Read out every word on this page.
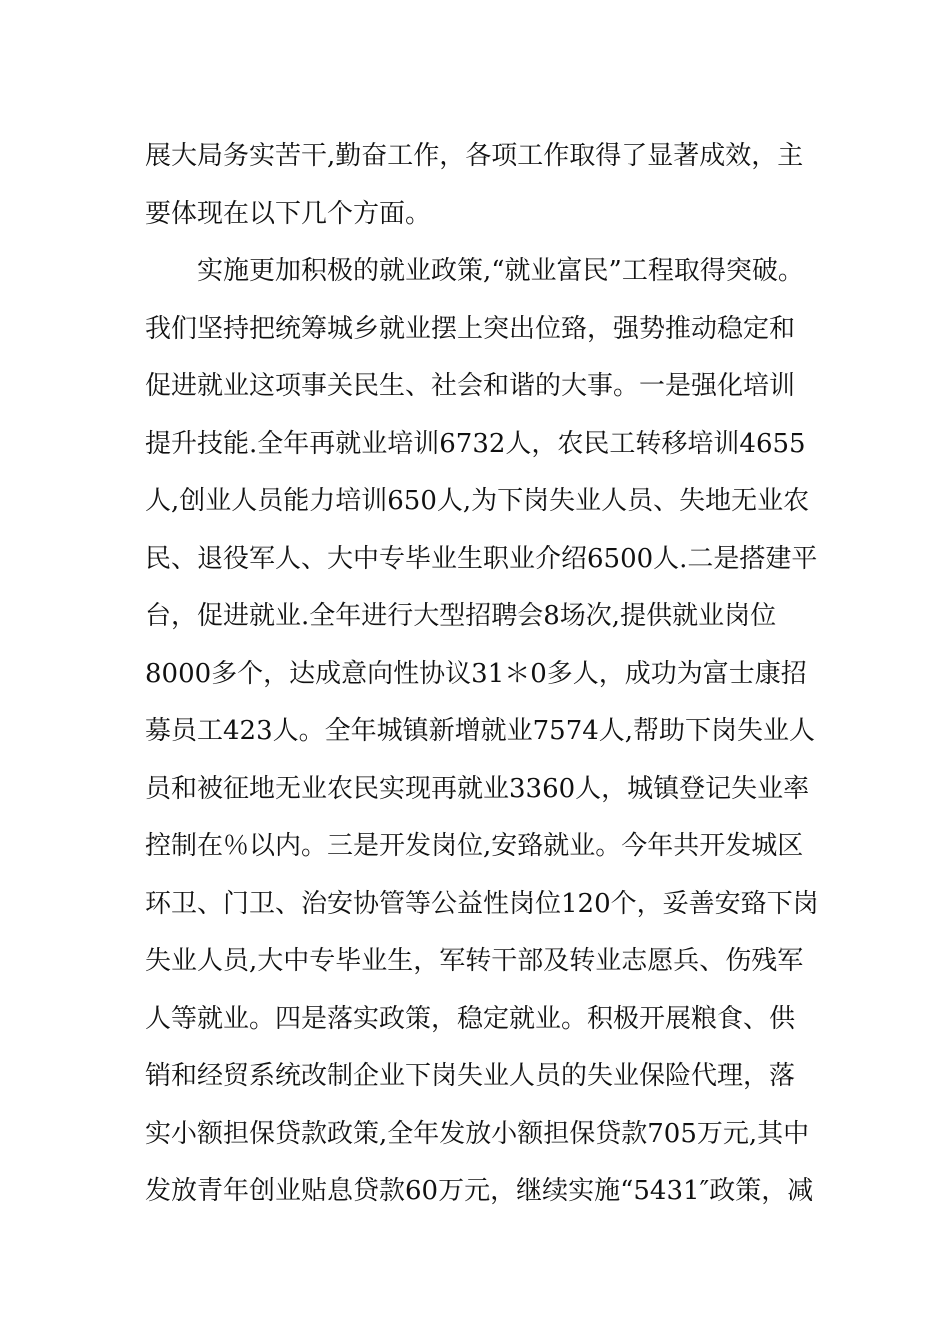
展大局务实苦干,勤奋工作，各项工作取得了显著成效，主
要体现在以下几个方面。
实施更加积极的就业政策,“就业富民”工程取得突破。
我们坚持把统筹城乡就业摆上突出位臵，强势推动稳定和
促进就业这项事关民生、社会和谐的大事。一是强化培训
提升技能.全年再就业培训6732人，农民工转移培训4655
人,创业人员能力培训650人,为下岗失业人员、失地无业农
民、退役军人、大中专毕业生职业介绍6500人.二是搭建平
台，促进就业.全年进行大型招聘会8场次,提供就业岗位
8000多个，达成意向性协议31＊0多人，成功为富士康招
募员工423人。全年城镇新增就业7574人,帮助下岗失业人
员和被征地无业农民实现再就业3360人，城镇登记失业率
控制在％以内。三是开发岗位,安臵就业。今年共开发城区
环卫、门卫、治安协管等公益性岗位120个，妥善安臵下岗
失业人员,大中专毕业生，军转干部及转业志愿兵、伤残军
人等就业。四是落实政策，稳定就业。积极开展粮食、供
销和经贸系统改制企业下岗失业人员的失业保险代理，落
实小额担保贷款政策,全年发放小额担保贷款705万元,其中
发放青年创业贴息贷款60万元，继续实施“5431″政策，减
